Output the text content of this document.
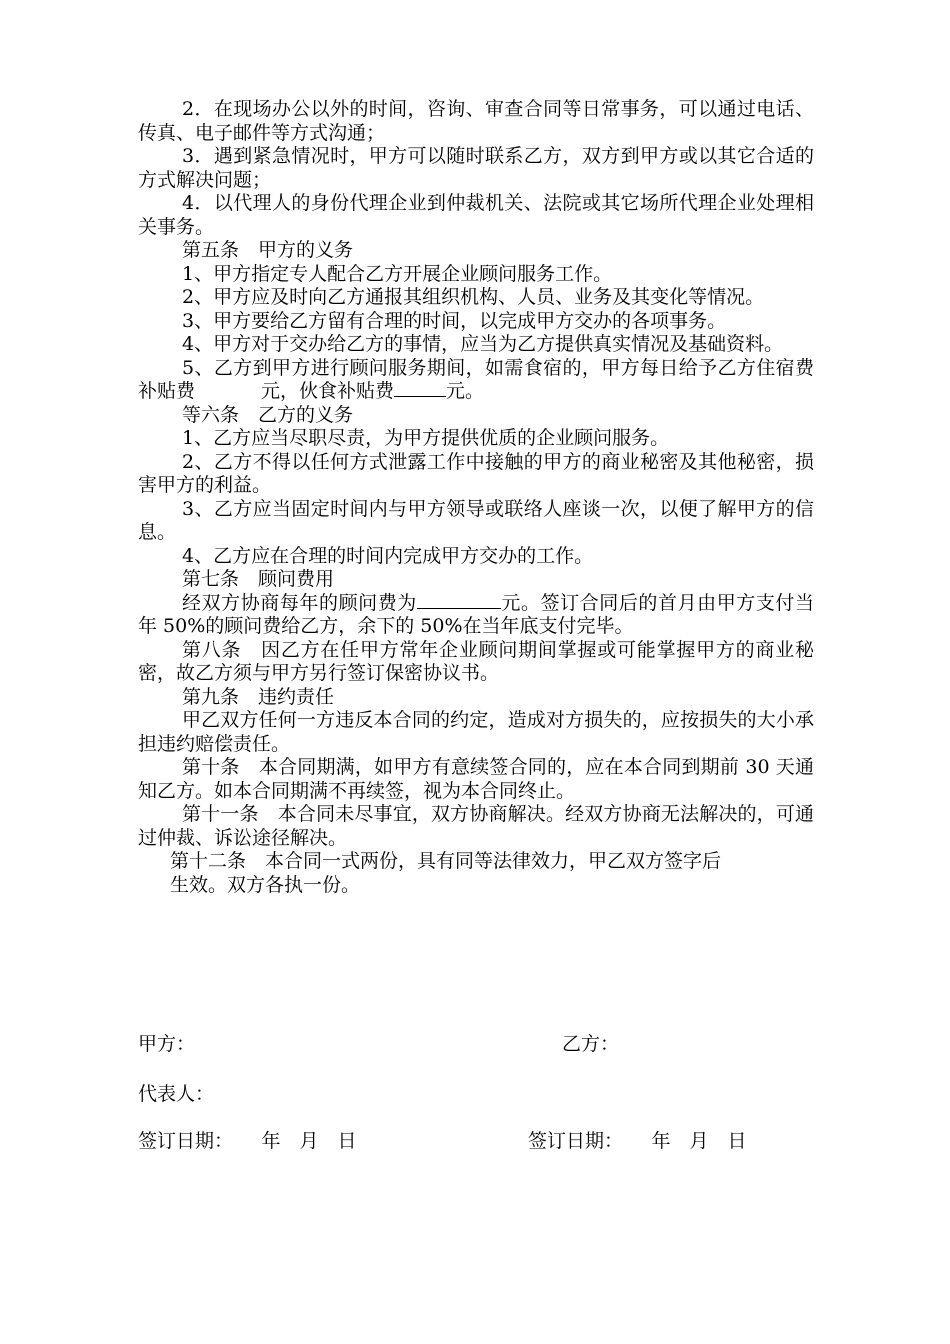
2．在现场办公以外的时间，咨询、审查合同等日常事务，可以通过电话、传真、电子邮件等方式沟通；

3．遇到紧急情况时，甲方可以随时联系乙方，双方到甲方或以其它合适的方式解决问题；

4．以代理人的身份代理企业到仲裁机关、法院或其它场所代理企业处理相关事务。

第五条　甲方的义务

1、甲方指定专人配合乙方开展企业顾问服务工作。

2、甲方应及时向乙方通报其组织机构、人员、业务及其变化等情况。

3、甲方要给乙方留有合理的时间，以完成甲方交办的各项事务。

4、甲方对于交办给乙方的事情，应当为乙方提供真实情况及基础资料。

5、乙方到甲方进行顾问服务期间，如需食宿的，甲方每日给予乙方住宿费补贴费	元，伙食补贴费	元。

等六条　乙方的义务

1、乙方应当尽职尽责，为甲方提供优质的企业顾问服务。

2、乙方不得以任何方式泄露工作中接触的甲方的商业秘密及其他秘密，损害甲方的利益。

3、乙方应当固定时间内与甲方领导或联络人座谈一次，以便了解甲方的信息。

4、乙方应在合理的时间内完成甲方交办的工作。

第七条　顾问费用

经双方协商每年的顾问费为	元。签订合同后的首月由甲方支付当年 50%的顾问费给乙方，余下的 50%在当年底支付完毕。

第八条　因乙方在任甲方常年企业顾问期间掌握或可能掌握甲方的商业秘密，故乙方须与甲方另行签订保密协议书。

第九条　违约责任

甲乙双方任何一方违反本合同的约定，造成对方损失的，应按损失的大小承担违约赔偿责任。

第十条　本合同期满，如甲方有意续签合同的，应在本合同到期前 30 天通知乙方。如本合同期满不再续签，视为本合同终止。

第十一条　本合同未尽事宜，双方协商解决。经双方协商无法解决的，可通过仲裁、诉讼途径解决。

第十二条　本合同一式两份，具有同等法律效力，甲乙双方签字后

生效。双方各执一份。

甲方：	乙方：
代表人：
签订日期：　　年　月　日	签订日期：　　年　月　日
